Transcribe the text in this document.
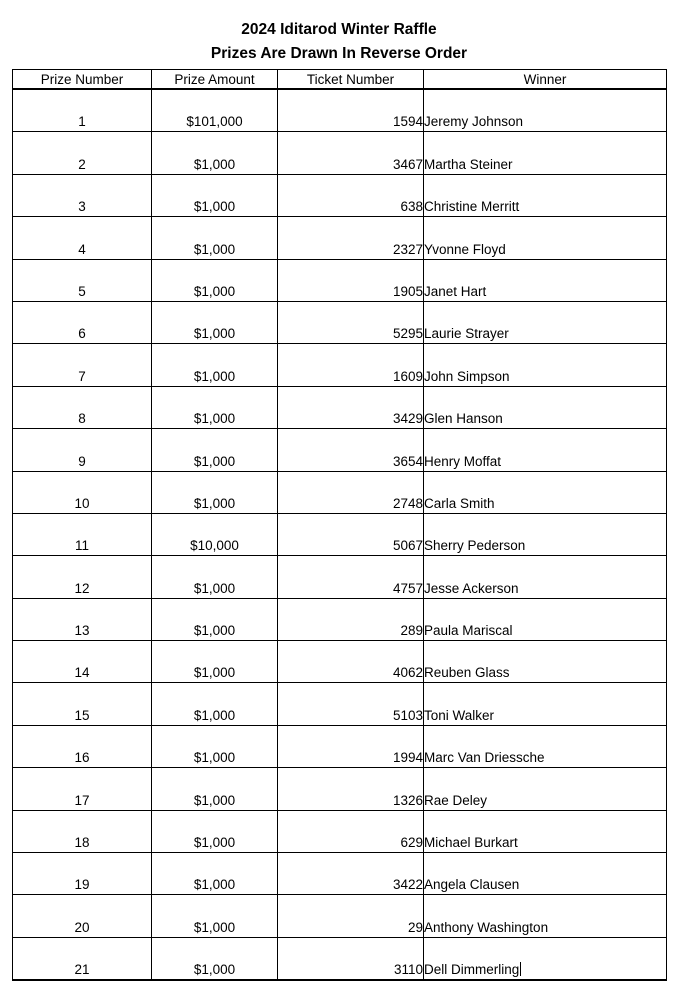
2024 Iditarod Winter Raffle
Prizes Are Drawn In Reverse Order
Prize Number	Prize Amount	Ticket Number	Winner
1	$101,000	1594	Jeremy Johnson
2	$1,000	3467	Martha Steiner
3	$1,000	638	Christine Merritt
4	$1,000	2327	Yvonne Floyd
5	$1,000	1905	Janet Hart
6	$1,000	5295	Laurie Strayer
7	$1,000	1609	John Simpson
8	$1,000	3429	Glen Hanson
9	$1,000	3654	Henry Moffat
10	$1,000	2748	Carla Smith
11	$10,000	5067	Sherry Pederson
12	$1,000	4757	Jesse Ackerson
13	$1,000	289	Paula Mariscal
14	$1,000	4062	Reuben Glass
15	$1,000	5103	Toni Walker
16	$1,000	1994	Marc Van Driessche
17	$1,000	1326	Rae Deley
18	$1,000	629	Michael Burkart
19	$1,000	3422	Angela Clausen
20	$1,000	29	Anthony Washington
21	$1,000	3110	Dell Dimmerling
